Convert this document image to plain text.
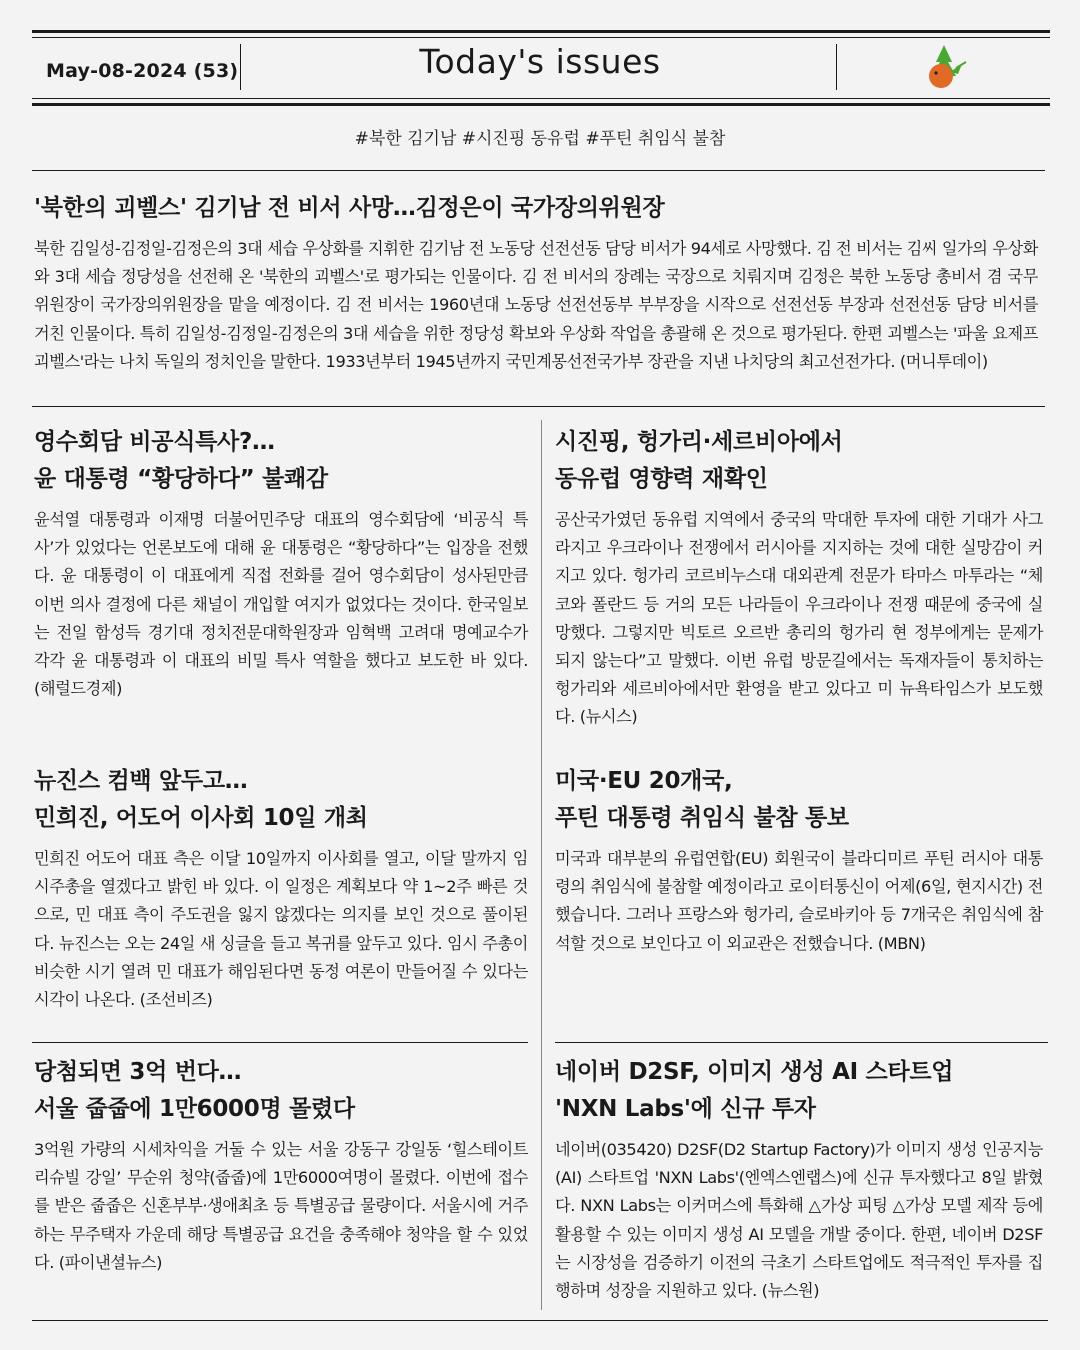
May-08-2024 (53)	Today's issues
#북한 김기남 #시진핑 동유럽 #푸틴 취임식 불참
'북한의 괴벨스' 김기남 전 비서 사망…김정은이 국가장의위원장

북한 김일성-김정일-김정은의 3대 세습 우상화를 지휘한 김기남 전 노동당 선전선동 담당 비서가 94세로 사망했다. 김 전 비서는 김씨 일가의 우상화와 3대 세습 정당성을 선전해 온 '북한의 괴벨스'로 평가되는 인물이다. 김 전 비서의 장례는 국장으로 치뤄지며 김정은 북한 노동당 총비서 겸 국무위원장이 국가장의위원장을 맡을 예정이다. 김 전 비서는 1960년대 노동당 선전선동부 부부장을 시작으로 선전선동 부장과 선전선동 담당 비서를 거친 인물이다. 특히 김일성-김정일-김정은의 3대 세습을 위한 정당성 확보와 우상화 작업을 총괄해 온 것으로 평가된다. 한편 괴벨스는 '파울 요제프 괴벨스'라는 나치 독일의 정치인을 말한다. 1933년부터 1945년까지 국민계몽선전국가부 장관을 지낸 나치당의 최고선전가다. (머니투데이)

영수회담 비공식특사?…
윤 대통령 “황당하다” 불쾌감

윤석열 대통령과 이재명 더불어민주당 대표의 영수회담에 ‘비공식 특사’가 있었다는 언론보도에 대해 윤 대통령은 “황당하다”는 입장을 전했다. 윤 대통령이 이 대표에게 직접 전화를 걸어 영수회담이 성사된만큼 이번 의사 결정에 다른 채널이 개입할 여지가 없었다는 것이다. 한국일보는 전일 함성득 경기대 정치전문대학원장과 임혁백 고려대 명예교수가 각각 윤 대통령과 이 대표의 비밀 특사 역할을 했다고 보도한 바 있다. (해럴드경제)

뉴진스 컴백 앞두고…
민희진, 어도어 이사회 10일 개최

민희진 어도어 대표 측은 이달 10일까지 이사회를 열고, 이달 말까지 임시주총을 열겠다고 밝힌 바 있다. 이 일정은 계획보다 약 1~2주 빠른 것으로, 민 대표 측이 주도권을 잃지 않겠다는 의지를 보인 것으로 풀이된다. 뉴진스는 오는 24일 새 싱글을 들고 복귀를 앞두고 있다. 임시 주총이 비슷한 시기 열려 민 대표가 해임된다면 동정 여론이 만들어질 수 있다는 시각이 나온다. (조선비즈)

당첨되면 3억 번다…
서울 줍줍에 1만6000명 몰렸다

3억원 가량의 시세차익을 거둘 수 있는 서울 강동구 강일동 ‘힐스테이트 리슈빌 강일’ 무순위 청약(줍줍)에 1만6000여명이 몰렸다. 이번에 접수를 받은 줍줍은 신혼부부·생애최초 등 특별공급 물량이다. 서울시에 거주하는 무주택자 가운데 해당 특별공급 요건을 충족해야 청약을 할 수 있었다. (파이낸셜뉴스)

시진핑, 헝가리·세르비아에서
동유럽 영향력 재확인

공산국가였던 동유럽 지역에서 중국의 막대한 투자에 대한 기대가 사그라지고 우크라이나 전쟁에서 러시아를 지지하는 것에 대한 실망감이 커지고 있다. 헝가리 코르비누스대 대외관계 전문가 타마스 마투라는 “체코와 폴란드 등 거의 모든 나라들이 우크라이나 전쟁 때문에 중국에 실망했다. 그렇지만 빅토르 오르반 총리의 헝가리 현 정부에게는 문제가 되지 않는다”고 말했다. 이번 유럽 방문길에서는 독재자들이 통치하는 헝가리와 세르비아에서만 환영을 받고 있다고 미 뉴욕타임스가 보도했다. (뉴시스)

미국·EU 20개국,
푸틴 대통령 취임식 불참 통보

미국과 대부분의 유럽연합(EU) 회원국이 블라디미르 푸틴 러시아 대통령의 취임식에 불참할 예정이라고 로이터통신이 어제(6일, 현지시간) 전했습니다. 그러나 프랑스와 헝가리, 슬로바키아 등 7개국은 취임식에 참석할 것으로 보인다고 이 외교관은 전했습니다. (MBN)

네이버 D2SF, 이미지 생성 AI 스타트업
'NXN Labs'에 신규 투자

네이버(035420) D2SF(D2 Startup Factory)가 이미지 생성 인공지능(AI) 스타트업 'NXN Labs'(엔엑스엔랩스)에 신규 투자했다고 8일 밝혔다. NXN Labs는 이커머스에 특화해 △가상 피팅 △가상 모델 제작 등에 활용할 수 있는 이미지 생성 AI 모델을 개발 중이다. 한편, 네이버 D2SF는 시장성을 검증하기 이전의 극초기 스타트업에도 적극적인 투자를 집행하며 성장을 지원하고 있다. (뉴스원)
